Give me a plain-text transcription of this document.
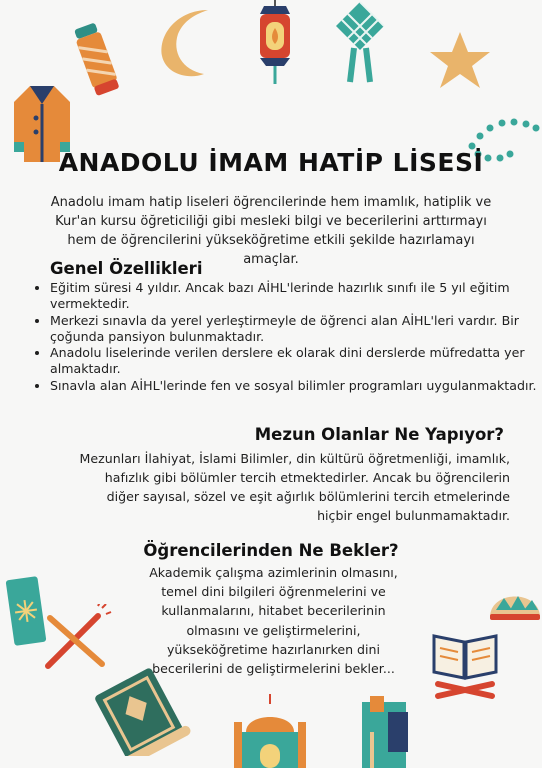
ANADOLU İMAM HATİP LİSESİ
Anadolu imam hatip liseleri öğrencilerinde hem imamlık, hatiplik ve Kur'an kursu öğreticiliği gibi mesleki bilgi ve becerilerini arttırmayı hem de öğrencilerini yükseköğretime etkili şekilde hazırlamayı amaçlar.
Genel Özellikleri
• Eğitim süresi 4 yıldır. Ancak bazı AİHL'lerinde hazırlık sınıfı ile 5 yıl eğitim vermektedir.
• Merkezi sınavla da yerel yerleştirmeyle de öğrenci alan AİHL'leri vardır. Bir çoğunda pansiyon bulunmaktadır.
• Anadolu liselerinde verilen derslere ek olarak dini derslerde müfredatta yer almaktadır.
• Sınavla alan AİHL'lerinde fen ve sosyal bilimler programları uygulanmaktadır.
Mezun Olanlar Ne Yapıyor?
Mezunları İlahiyat, İslami Bilimler, din kültürü öğretmenliği, imamlık, hafızlık gibi bölümler tercih etmektedirler. Ancak bu öğrencilerin diğer sayısal, sözel ve eşit ağırlık bölümlerini tercih etmelerinde hiçbir engel bulunmamaktadır.
Öğrencilerinden Ne Bekler?
Akademik çalışma azimlerinin olmasını, temel dini bilgileri öğrenmelerini ve kullanmalarını, hitabet becerilerinin olmasını ve geliştirmelerini, yükseköğretime hazırlanırken dini becerilerini de geliştirmelerini bekler...
